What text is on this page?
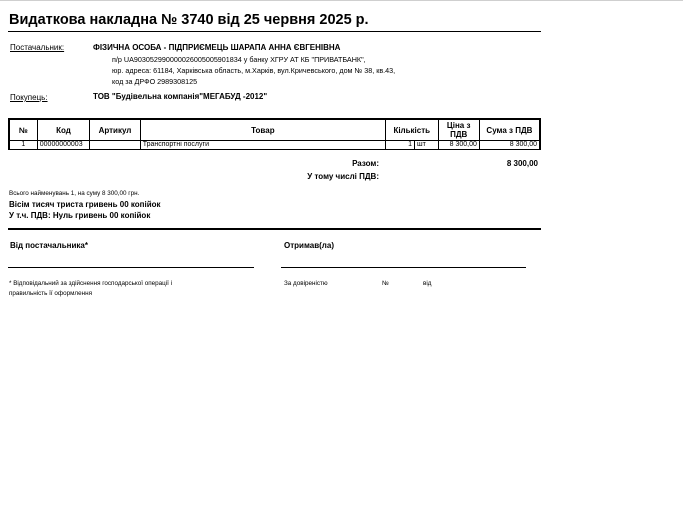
Видаткова накладна № 3740 від 25 червня 2025 р.
Постачальник:	ФІЗИЧНА ОСОБА - ПІДПРИЄМЕЦЬ ШАРАПА АННА ЄВГЕНІВНА
п/р UA903052990000026005005901834 у банку ХГРУ АТ КБ "ПРИВАТБАНК",
юр. адреса: 61184, Харківська область, м.Харків, вул.Кричевського, дом № 38, кв.43,
код за ДРФО 2989308125
Покупець:	ТОВ "Будівельна компанія"МЕГАБУД -2012"
№	Код	Артикул	Товар	Кількість	Ціна з ПДВ	Сума з ПДВ
1	00000000003		Транспортні послуги	1 шт	8 300,00	8 300,00
Разом:	8 300,00
У тому числі ПДВ:
Всього найменувань 1, на суму 8 300,00 грн.
Вісім тисяч триста гривень 00 копійок
У т.ч. ПДВ: Нуль гривень 00 копійок
Від постачальника*	Отримав(ла)
* Відповідальний за здійснення господарської операції і
правильність її оформлення
За довіреністю	№	від
